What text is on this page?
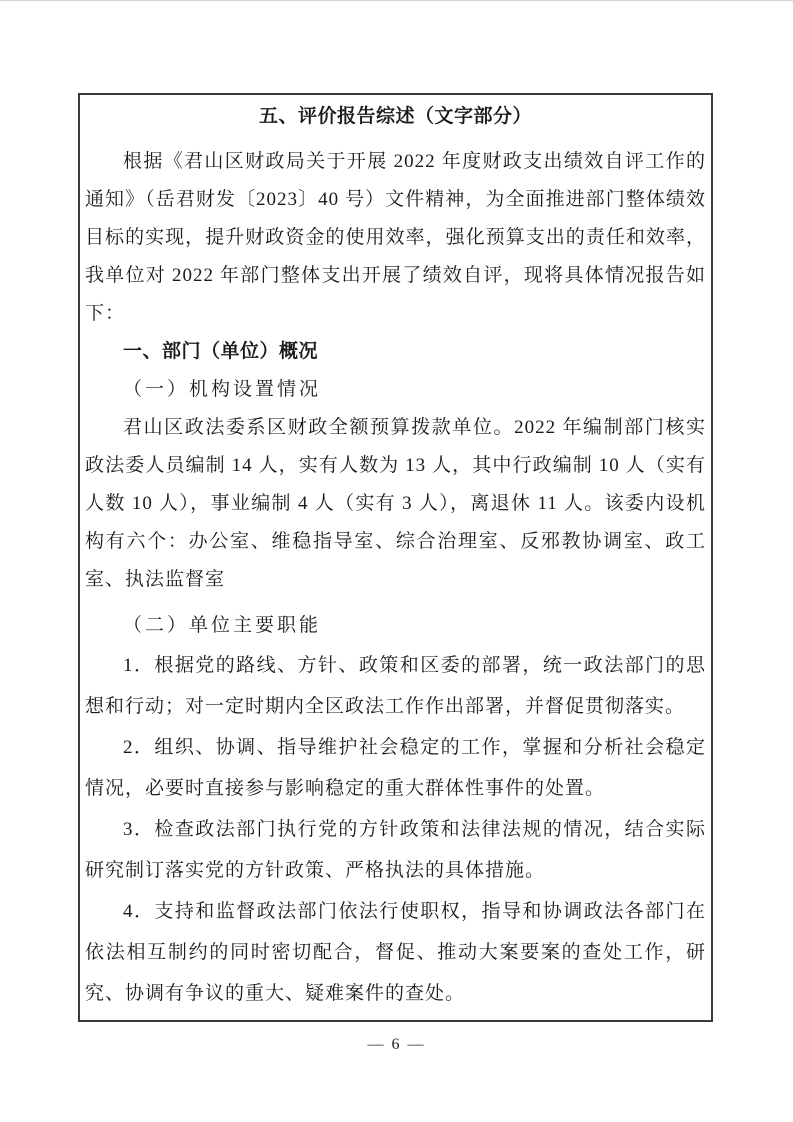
五、评价报告综述（文字部分）

根据《君山区财政局关于开展 2022 年度财政支出绩效自评工作的通知》（岳君财发〔2023〕40 号）文件精神，为全面推进部门整体绩效目标的实现，提升财政资金的使用效率，强化预算支出的责任和效率，我单位对 2022 年部门整体支出开展了绩效自评，现将具体情况报告如下：

一、部门（单位）概况
（一）机构设置情况

君山区政法委系区财政全额预算拨款单位。2022 年编制部门核实政法委人员编制 14 人，实有人数为 13 人，其中行政编制 10 人（实有人数 10 人），事业编制 4 人（实有 3 人），离退休 11 人。该委内设机构有六个：办公室、维稳指导室、综合治理室、反邪教协调室、政工室、执法监督室

（二）单位主要职能

1．根据党的路线、方针、政策和区委的部署，统一政法部门的思想和行动；对一定时期内全区政法工作作出部署，并督促贯彻落实。

2．组织、协调、指导维护社会稳定的工作，掌握和分析社会稳定情况，必要时直接参与影响稳定的重大群体性事件的处置。

3．检查政法部门执行党的方针政策和法律法规的情况，结合实际研究制订落实党的方针政策、严格执法的具体措施。

4．支持和监督政法部门依法行使职权，指导和协调政法各部门在依法相互制约的同时密切配合，督促、推动大案要案的查处工作，研究、协调有争议的重大、疑难案件的查处。

— 6 —
